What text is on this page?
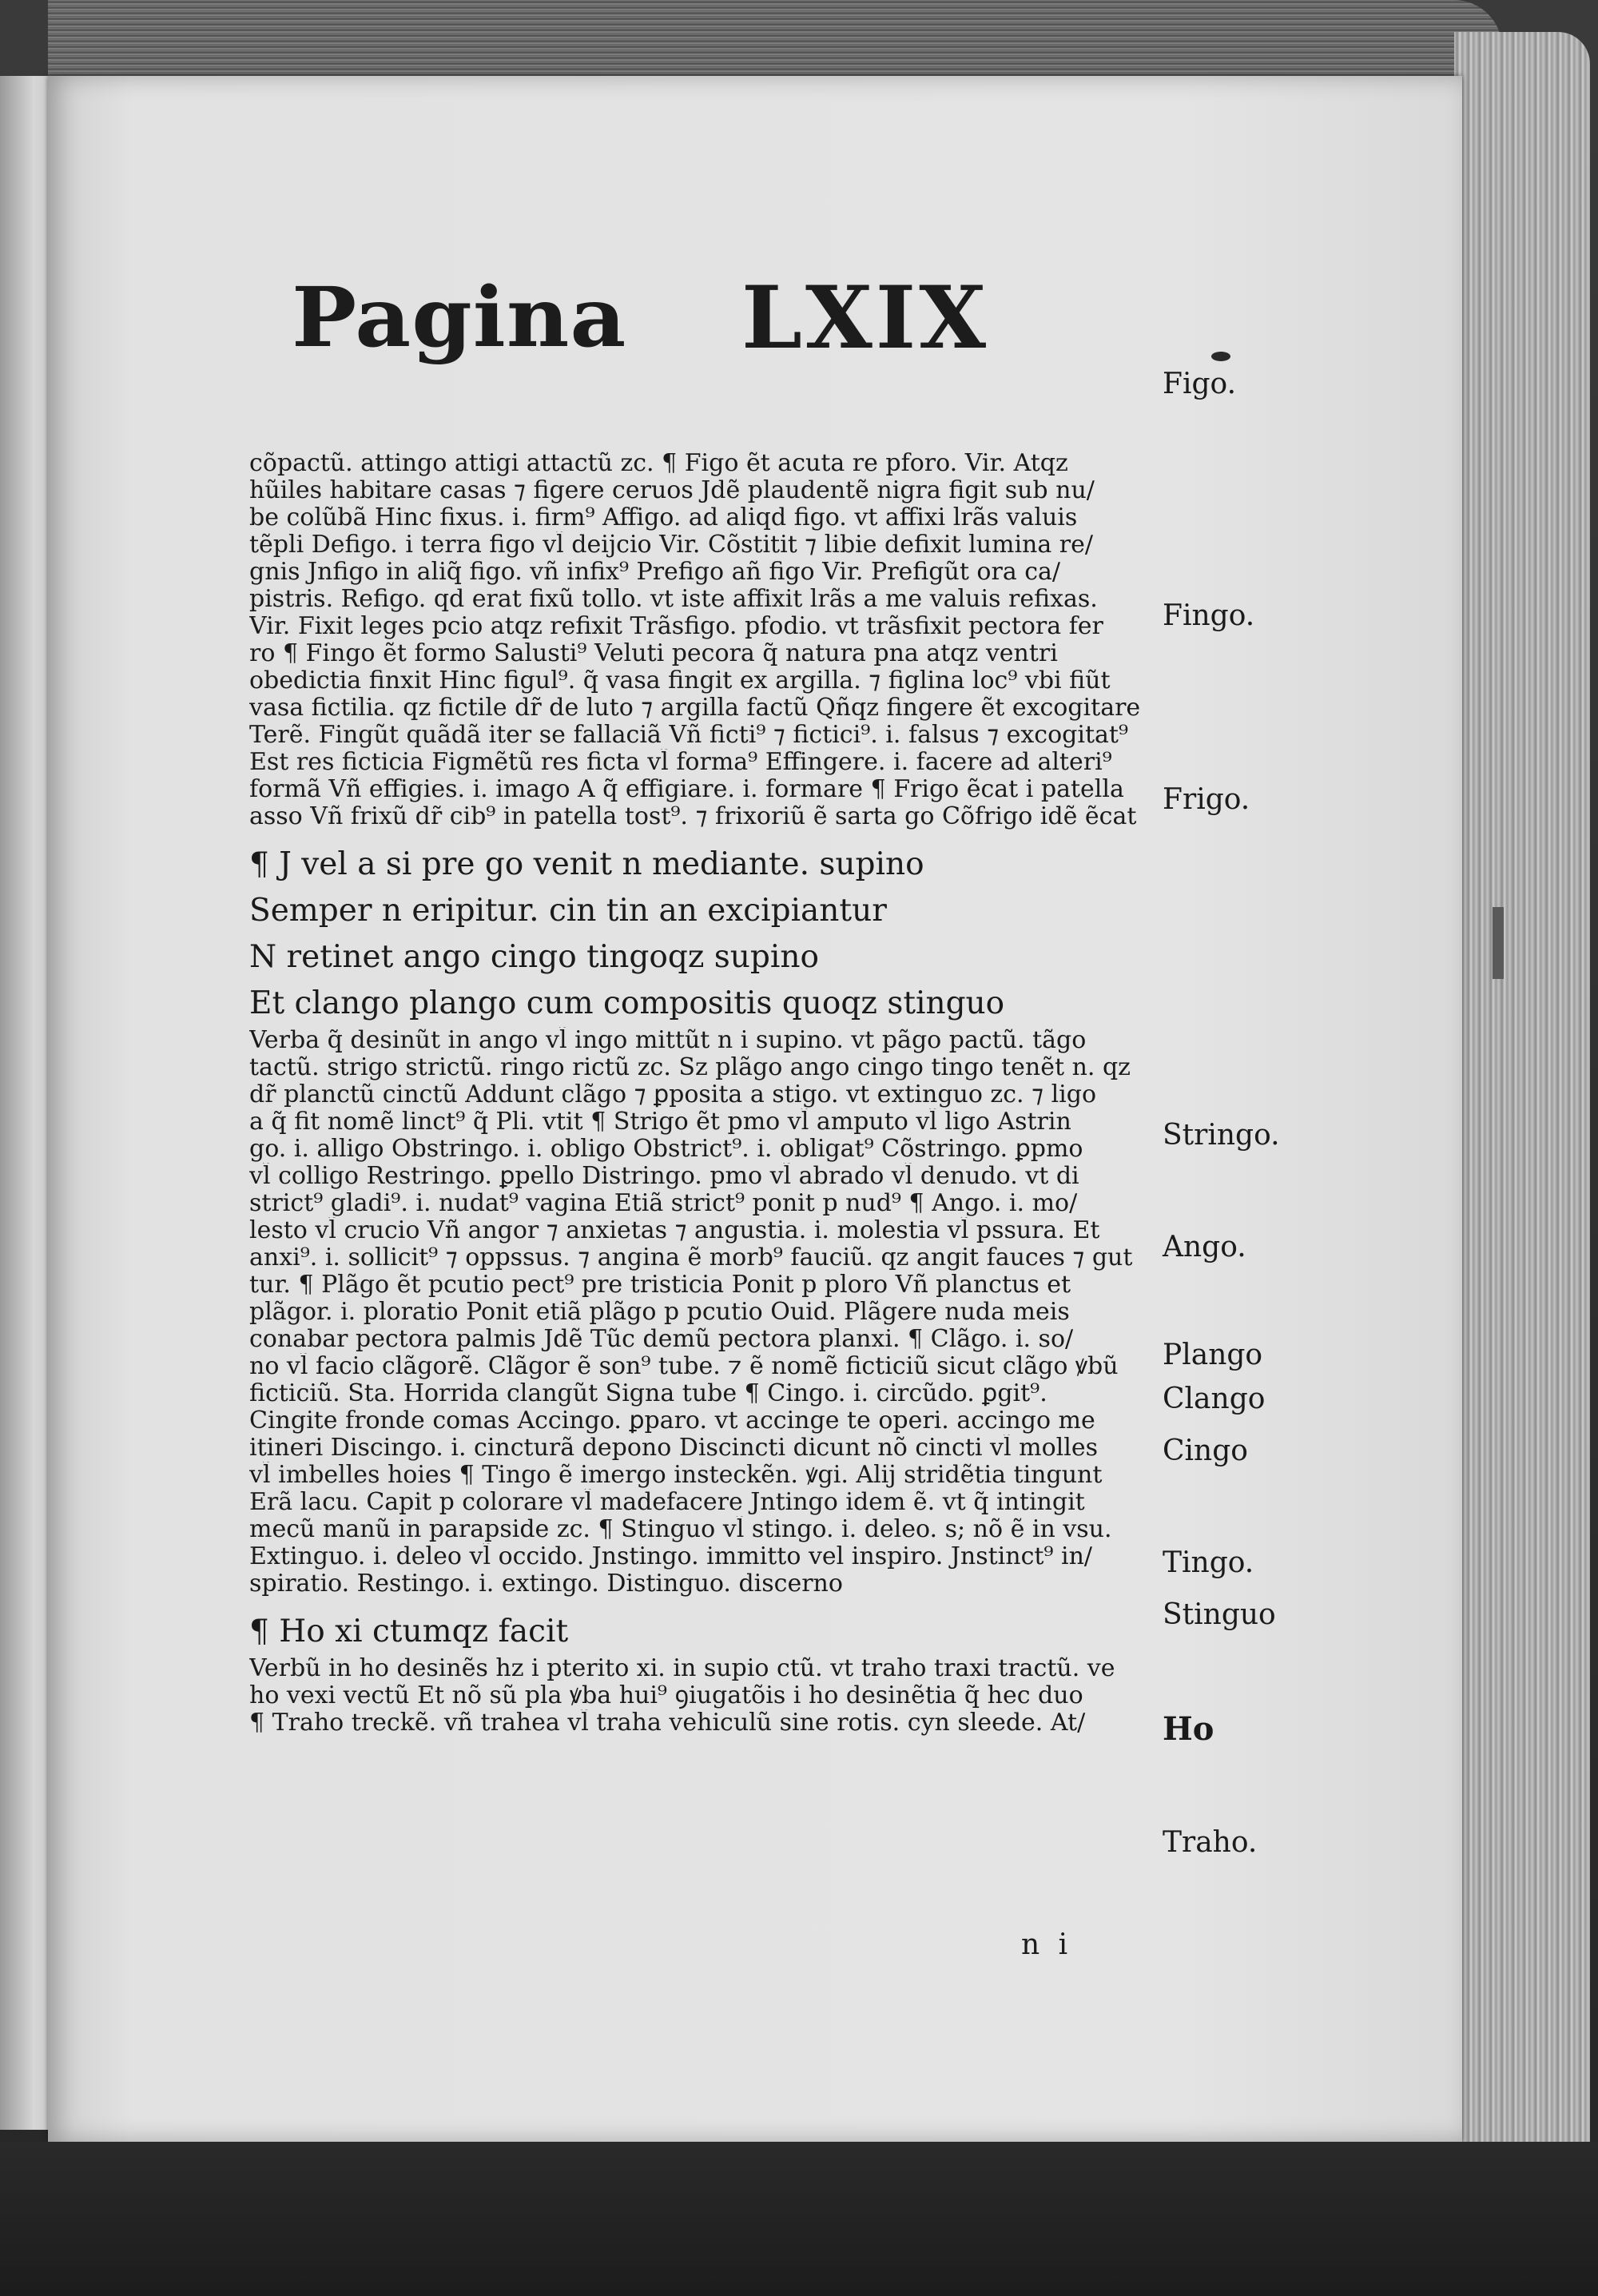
Pagina LXIX
cõpactũ. attingo attigi attactũ zc. ¶ Figo ẽt acuta re pforo. Vir. Atqz
hũiles habitare casas ⁊ figere ceruos Jdẽ plaudentẽ nigra figit sub nu/
be colũbã Hinc fixus. i. firm⁹ Affigo. ad aliqd figo. vt affixi lrãs valuis
tẽpli Defigo. i terra figo vl̃ deijcio Vir. Cõstitit ⁊ libie defixit lumina re/
gnis Jnfigo in aliq̃ figo. vñ infix⁹ Prefigo añ figo Vir. Prefigũt ora ca/
pistris. Refigo. qd erat fixũ tollo. vt iste affixit lrãs a me valuis refixas.
Vir. Fixit leges pcio atqz refixit Trãsfigo. pfodio. vt trãsfixit pectora fer
ro ¶ Fingo ẽt formo Salusti⁹ Veluti pecora q̃ natura pna atqz ventri
obedictia finxit Hinc figul⁹. q̃ vasa fingit ex argilla. ⁊ figlina loc⁹ vbi fiũt
vasa fictilia. qz fictile dr̃ de luto ⁊ argilla factũ Qñqz fingere ẽt excogitare
Terẽ. Fingũt quãdã iter se fallaciã Vñ ficti⁹ ⁊ fictici⁹. i. falsus ⁊ excogitat⁹
Est res ficticia Figmẽtũ res ficta vl̃ forma⁹ Effingere. i. facere ad alteri⁹
formã Vñ effigies. i. imago A q̃ effigiare. i. formare ¶ Frigo ẽcat i patella
asso Vñ frixũ dr̃ cib⁹ in patella tost⁹. ⁊ frixoriũ ẽ sarta go Cõfrigo idẽ ẽcat
¶ J vel a si pre go venit n mediante. supino
Semper n eripitur. cin tin an excipiantur
N retinet ango cingo tingoqz supino
Et clango plango cum compositis quoqz stinguo
Verba q̃ desinũt in ango vl̃ ingo mittũt n i supino. vt pãgo pactũ. tãgo
tactũ. strigo strictũ. ringo rictũ zc. Sz plãgo ango cingo tingo tenẽt n. qz
dr̃ planctũ cinctũ Addunt clãgo ⁊ ꝑposita a stigo. vt extinguo zc. ⁊ ligo
a q̃ fit nomẽ linct⁹ q̃ Pli. vtit ¶ Strigo ẽt pmo vl̃ amputo vl̃ ligo Astrin
go. i. alligo Obstringo. i. obligo Obstrict⁹. i. obligat⁹ Cõstringo. ꝑpmo
vl̃ colligo Restringo. ꝑpello Distringo. pmo vl̃ abrado vl̃ denudo. vt di
strict⁹ gladi⁹. i. nudat⁹ vagina Etiã strict⁹ ponit p nud⁹ ¶ Ango. i. mo/
lesto vl̃ crucio Vñ angor ⁊ anxietas ⁊ angustia. i. molestia vl̃ pssura. Et
anxi⁹. i. sollicit⁹ ⁊ oppssus. ⁊ angina ẽ morb⁹ fauciũ. qz angit fauces ⁊ gut
tur. ¶ Plãgo ẽt pcutio pect⁹ pre tristicia Ponit p ploro Vñ planctus et
plãgor. i. ploratio Ponit etiã plãgo p pcutio Ouid. Plãgere nuda meis
conabar pectora palmis Jdẽ Tũc demũ pectora planxi. ¶ Clãgo. i. so/
no vl̃ facio clãgorẽ. Clãgor ẽ son⁹ tube. ⁊ ẽ nomẽ ficticiũ sicut clãgo ꝟbũ
ficticiũ. Sta. Horrida clangũt Signa tube ¶ Cingo. i. circũdo. ꝑgit⁹.
Cingite fronde comas Accingo. ꝑparo. vt accinge te operi. accingo me
itineri Discingo. i. cincturã depono Discincti dicunt nõ cincti vl̃ molles
vl̃ imbelles hoies ¶ Tingo ẽ imergo insteckẽn. ꝟgi. Alij stridẽtia tingunt
Erã lacu. Capit p colorare vl̃ madefacere Jntingo idem ẽ. vt q̃ intingit
mecũ manũ in parapside zc. ¶ Stinguo vl̃ stingo. i. deleo. s; nõ ẽ in vsu.
Extinguo. i. deleo vl̃ occido. Jnstingo. immitto vel inspiro. Jnstinct⁹ in/
spiratio. Restingo. i. extingo. Distinguo. discerno
¶ Ho xi ctumqz facit
Verbũ in ho desinẽs hz i pterito xi. in supio ctũ. vt traho traxi tractũ. ve
ho vexi vectũ Et nõ sũ pla ꝟba hui⁹ ꝯiugatõis i ho desinẽtia q̃ hec duo
¶ Traho treckẽ. vñ trahea vl̃ traha vehiculũ sine rotis. cyn sleede. At/
Figo.
Fingo.
Frigo.
Stringo.
Ango.
Plango
Clango
Cingo
Tingo.
Stinguo
Ho
Traho.
n i
